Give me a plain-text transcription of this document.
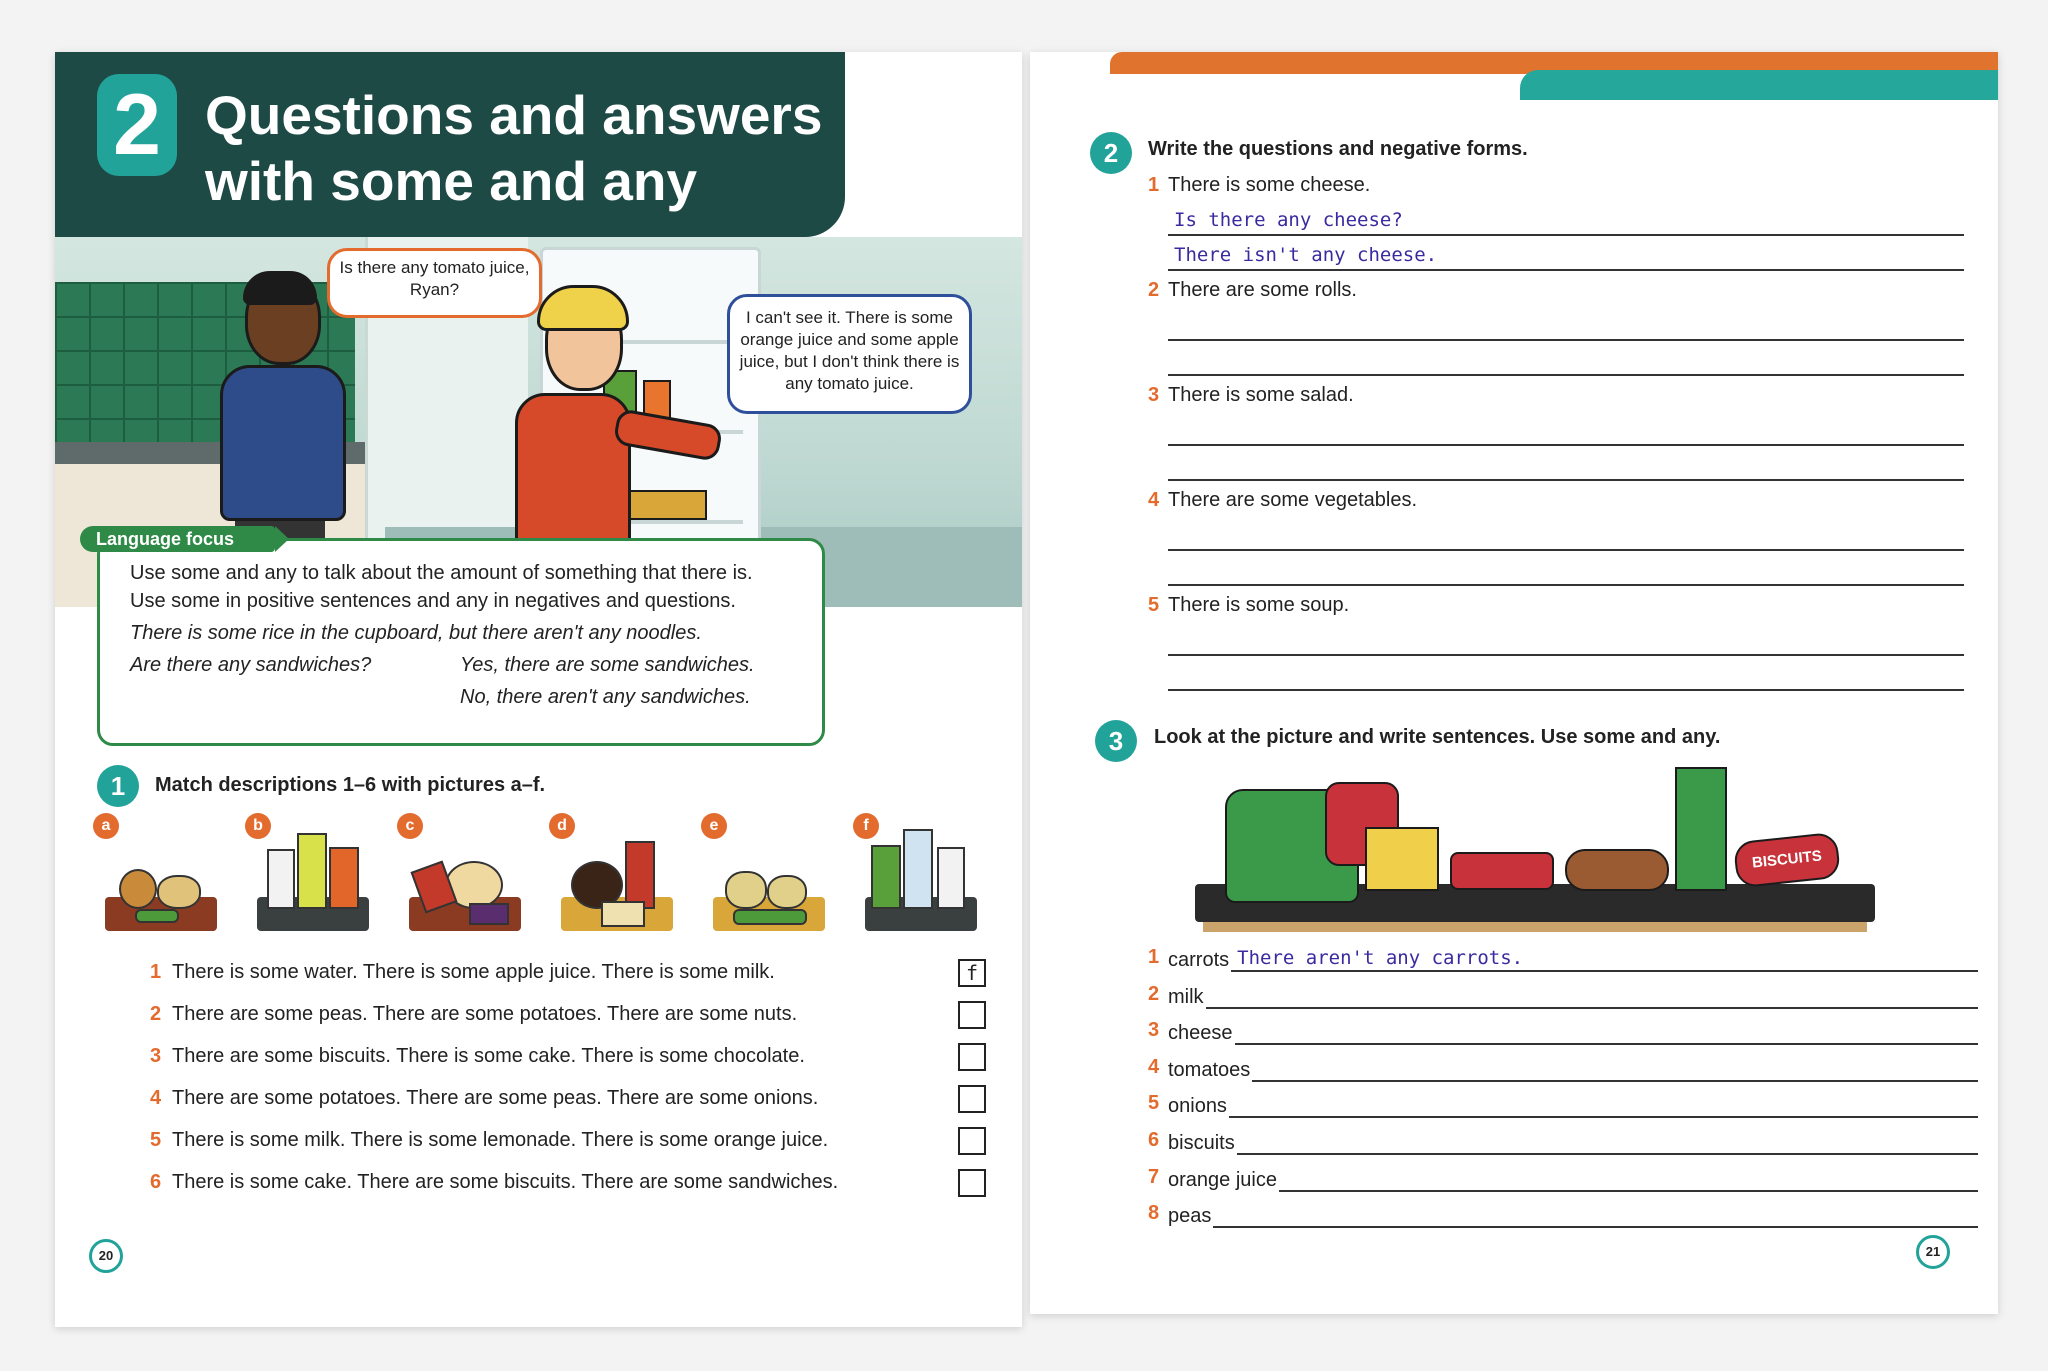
2 Questions and answers
with some and any
Is there any tomato juice, Ryan?
I can't see it. There is some orange juice and some apple juice, but I don't think there is any tomato juice.
Language focus
Use some and any to talk about the amount of something that there is.
Use some in positive sentences and any in negatives and questions.
There is some rice in the cupboard, but there aren't any noodles.
Are there any sandwiches?	Yes, there are some sandwiches.
No, there aren't any sandwiches.
1	Match descriptions 1–6 with pictures a–f.
a	b	c	d	e	f
1 There is some water. There is some apple juice. There is some milk.	f
2 There are some peas. There are some potatoes. There are some nuts.
3 There are some biscuits. There is some cake. There is some chocolate.
4 There are some potatoes. There are some peas. There are some onions.
5 There is some milk. There is some lemonade. There is some orange juice.
6 There is some cake. There are some biscuits. There are some sandwiches.
20
2	Write the questions and negative forms.
1 There is some cheese.
Is there any cheese?
There isn't any cheese.
2 There are some rolls.
3 There is some salad.
4 There are some vegetables.
5 There is some soup.
3	Look at the picture and write sentences. Use some and any.
BISCUITS
1 carrots There aren't any carrots.
2 milk
3 cheese
4 tomatoes
5 onions
6 biscuits
7 orange juice
8 peas
21
